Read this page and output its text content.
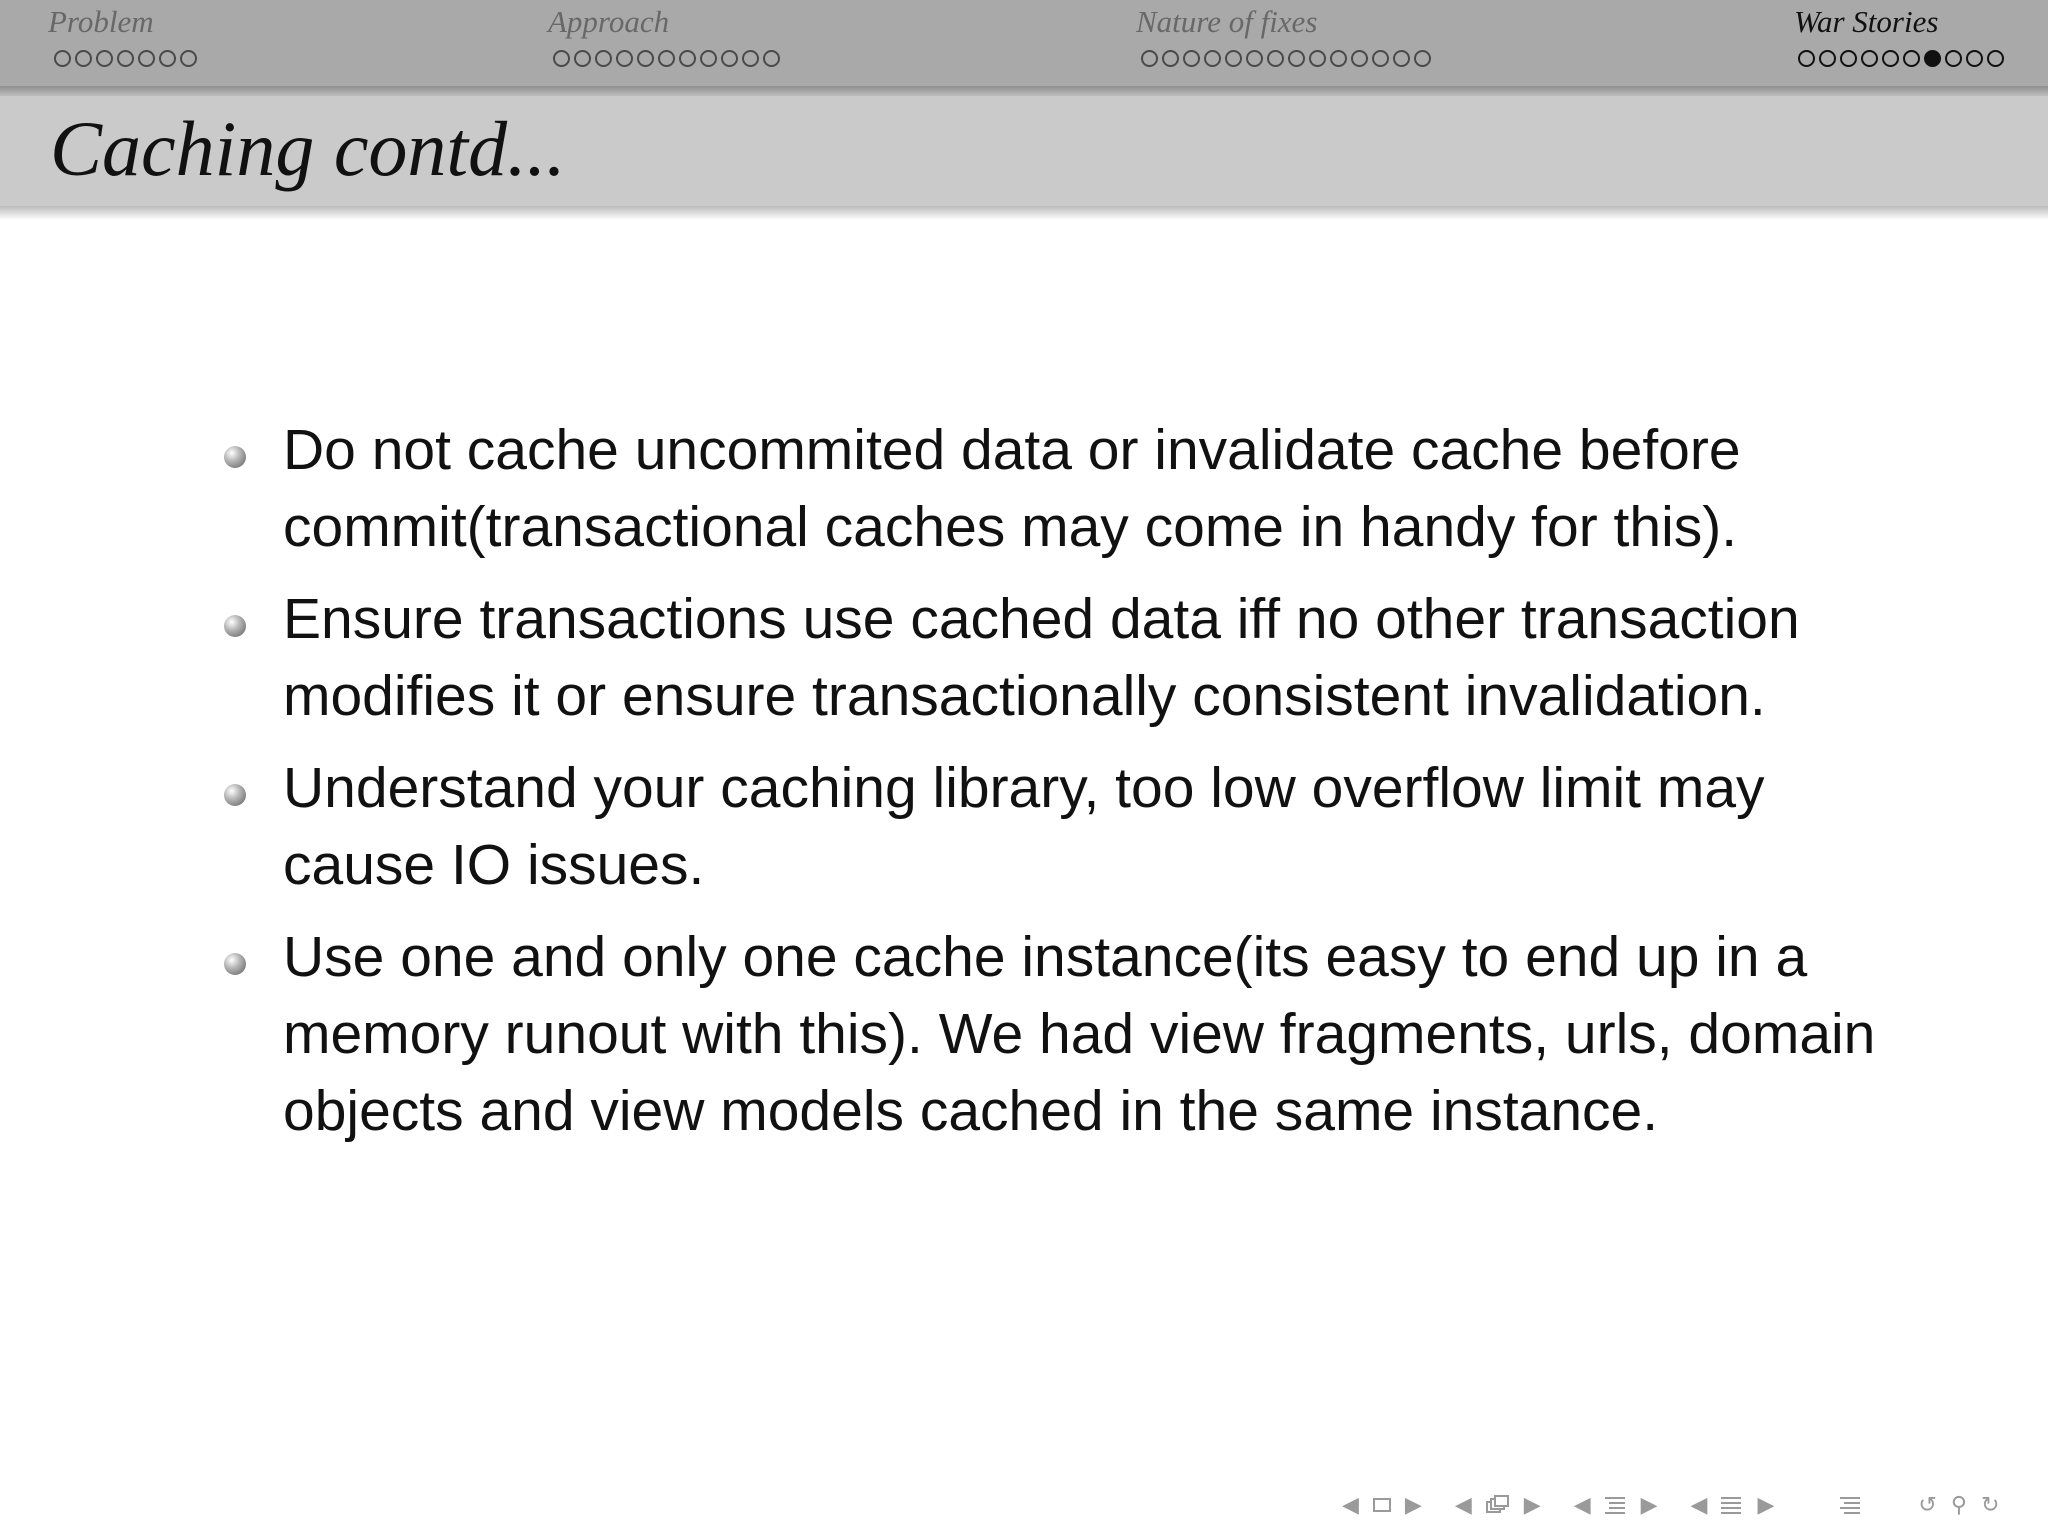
Problem	Approach	Nature of fixes	War Stories
Caching contd...
Do not cache uncommited data or invalidate cache before commit(transactional caches may come in handy for this).
Ensure transactions use cached data iff no other transaction modifies it or ensure transactionally consistent invalidation.
Understand your caching library, too low overflow limit may cause IO issues.
Use one and only one cache instance(its easy to end up in a memory runout with this). We had view fragments, urls, domain objects and view models cached in the same instance.
◀ ▶ ◀ ▶ ◀ ▶ ◀ ▶	↺ ⚲ ↻
